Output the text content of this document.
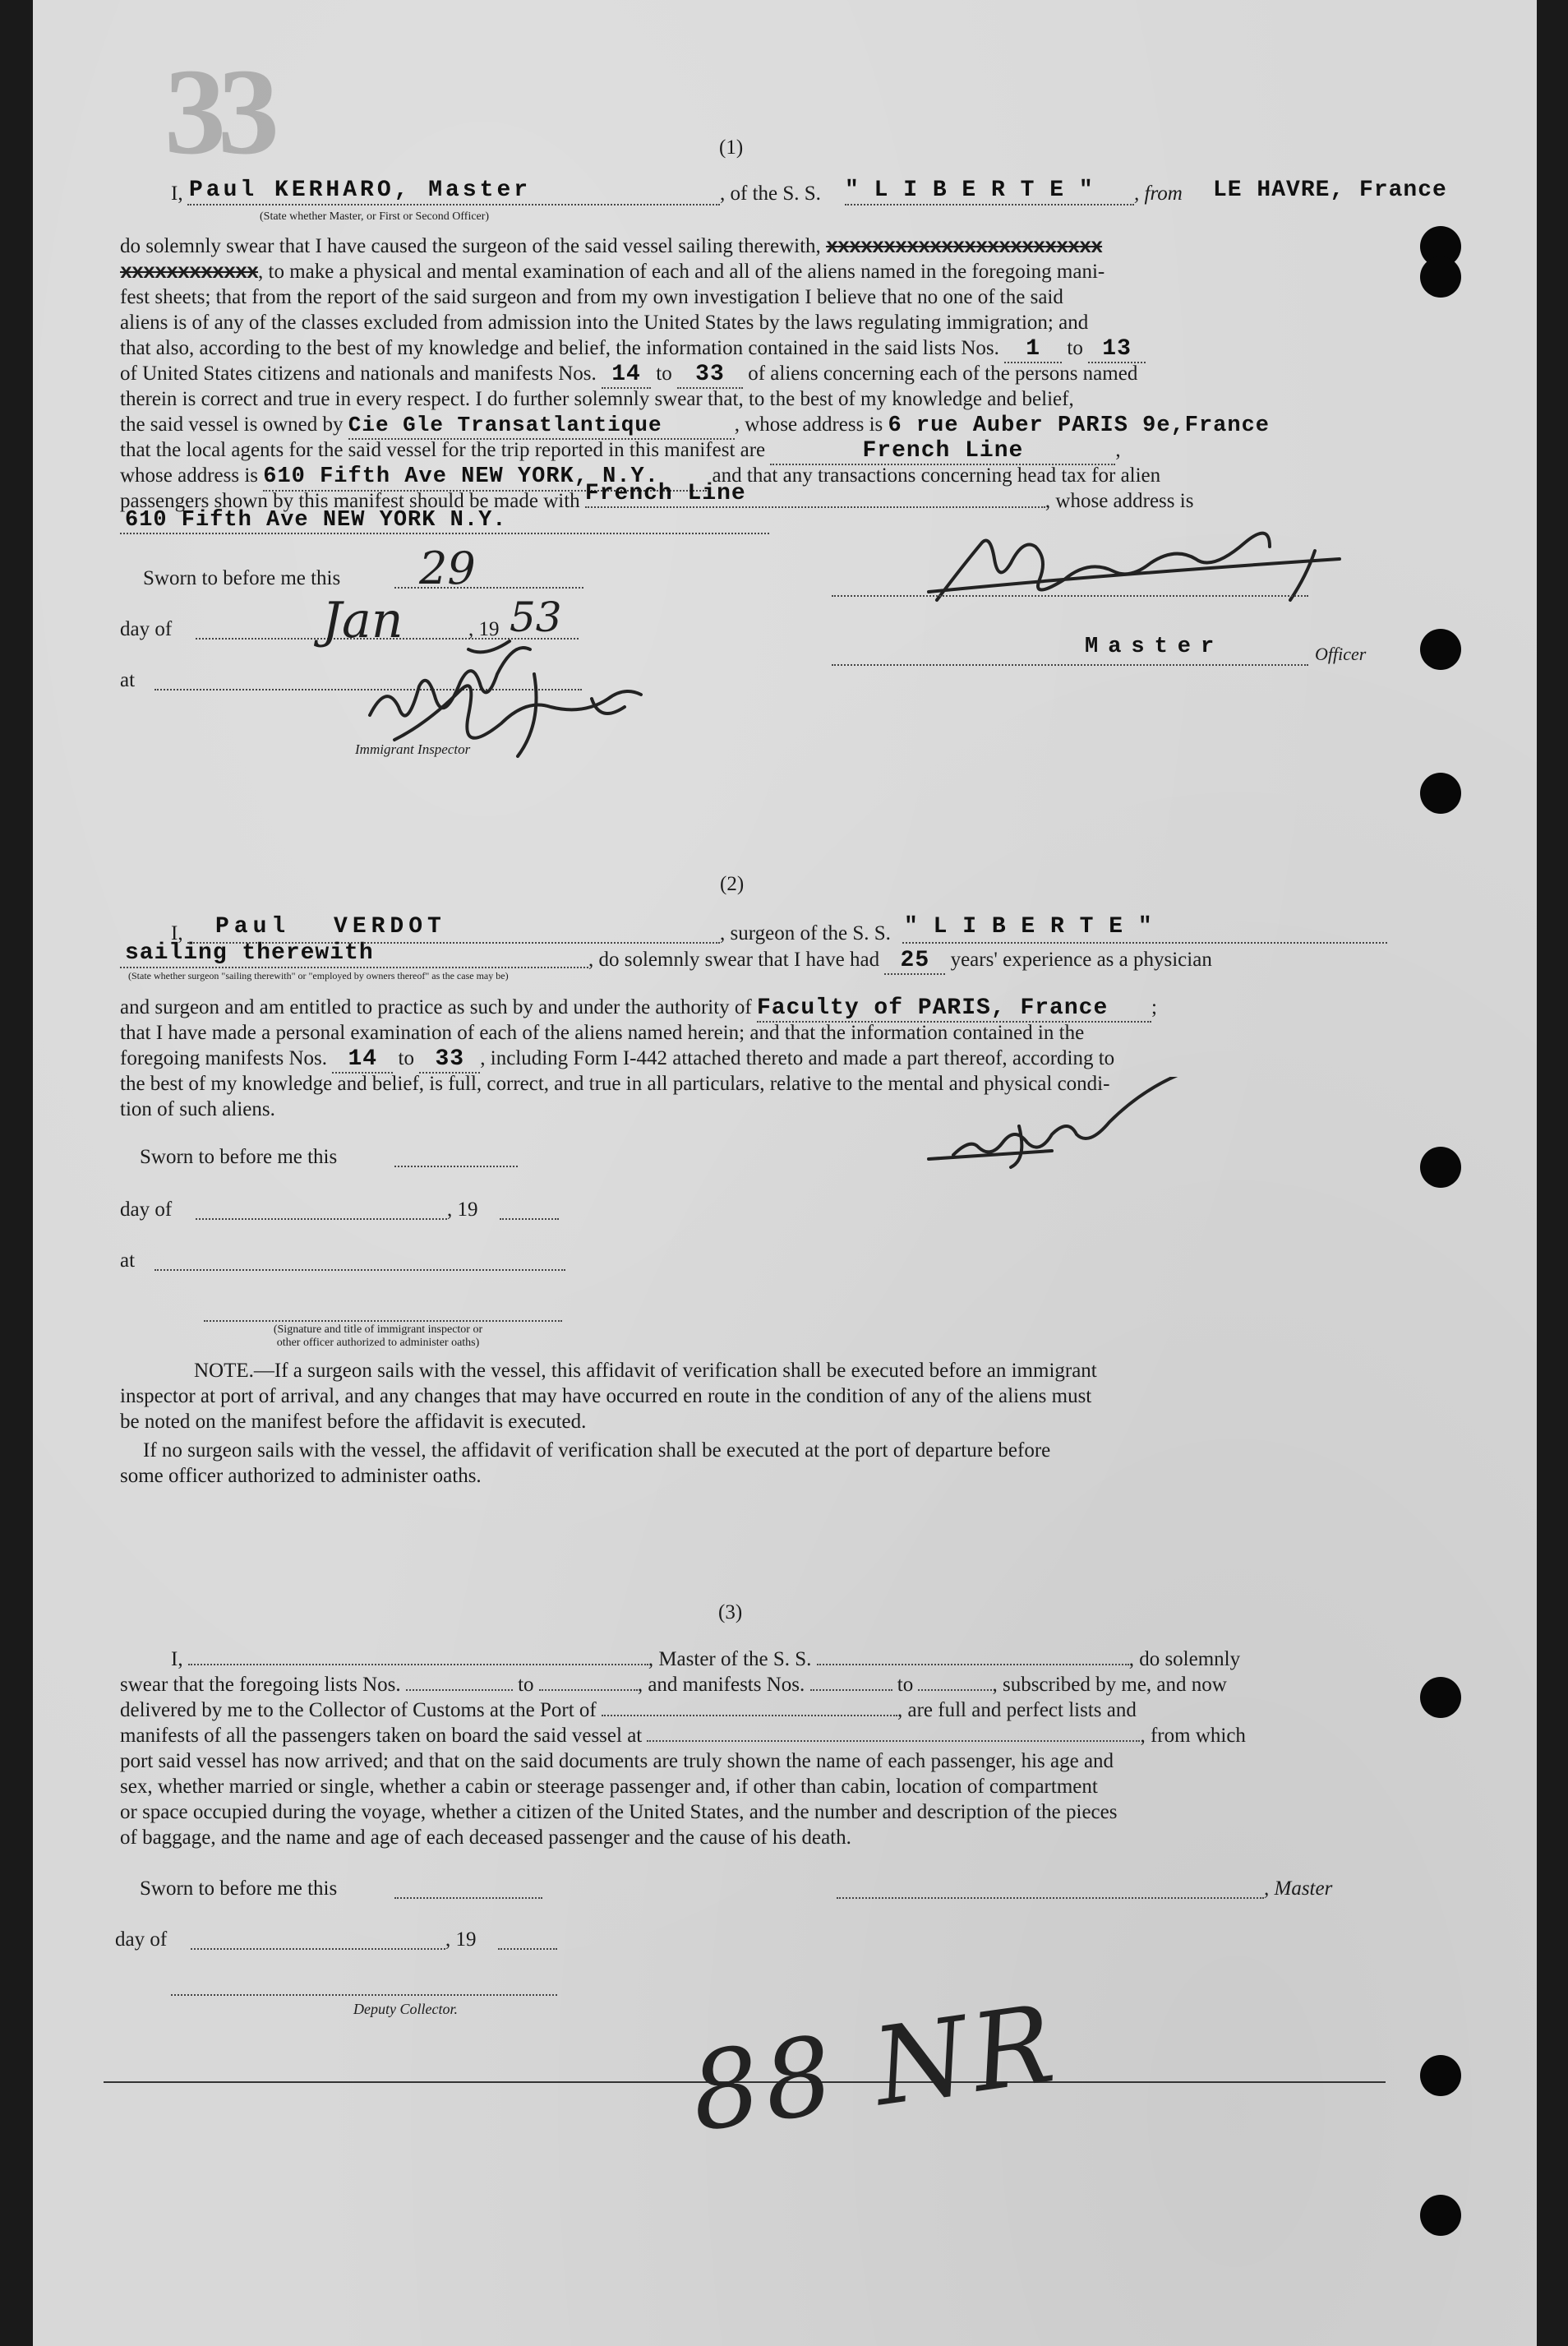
33	(1)
I, Paul KERHARO, Master
(State whether Master, or First or Second Officer)
, of the S. S. " L I B E R T E " , from LE HAVRE, France
do solemnly swear that I have caused the surgeon of the said vessel sailing therewith, xxxxxxxxxxxxxxxxxxxxxxxx
xxxxxxxxxxxx, to make a physical and mental examination of each and all of the aliens named in the foregoing mani-
fest sheets; that from the report of the said surgeon and from my own investigation I believe that no one of the said
aliens is of any of the classes excluded from admission into the United States by the laws regulating immigration; and
that also, according to the best of my knowledge and belief, the information contained in the said lists Nos. 1 to 13
of United States citizens and nationals and manifests Nos. 14 to 33 of aliens concerning each of the persons named
therein is correct and true in every respect. I do further solemnly swear that, to the best of my knowledge and belief,
the said vessel is owned by Cie Gle Transatlantique	, whose address is 6 rue Auber PARIS 9e,France
that the local agents for the said vessel for the trip reported in this manifest are	French Line	,
whose address is 610 Fifth Ave NEW YORK, N.Y.	and that any transactions concerning head tax for alien
passengers shown by this manifest should be made with French Line	, whose address is
610 Fifth Ave NEW YORK N.Y.
Sworn to before me this 29
day of	Jan	, 19 53
at
Immigrant Inspector
Master	Officer
(2)
I, Paul VERDOT	, surgeon of the S. S. " L I B E R T E "
sailing therewith
(State whether surgeon "sailing therewith" or "employed by owners thereof" as the case may be)
, do solemnly swear that I have had 25 years' experience as a physician
and surgeon and am entitled to practice as such by and under the authority of Faculty of PARIS, France ;
that I have made a personal examination of each of the aliens named herein; and that the information contained in the
foregoing manifests Nos. 14 to 33 , including Form I-442 attached thereto and made a part thereof, according to
the best of my knowledge and belief, is full, correct, and true in all particulars, relative to the mental and physical condi-
tion of such aliens.
Sworn to before me this
day of	, 19
at
(Signature and title of immigrant inspector or
other officer authorized to administer oaths)
NOTE.—If a surgeon sails with the vessel, this affidavit of verification shall be executed before an immigrant
inspector at port of arrival, and any changes that may have occurred en route in the condition of any of the aliens must
be noted on the manifest before the affidavit is executed.
If no surgeon sails with the vessel, the affidavit of verification shall be executed at the port of departure before
some officer authorized to administer oaths.
(3)
I,	, Master of the S. S.	, do solemnly
swear that the foregoing lists Nos.	to	, and manifests Nos.	to	, subscribed by me, and now
delivered by me to the Collector of Customs at the Port of	, are full and perfect lists and
manifests of all the passengers taken on board the said vessel at	, from which
port said vessel has now arrived; and that on the said documents are truly shown the name of each passenger, his age and
sex, whether married or single, whether a cabin or steerage passenger and, if other than cabin, location of compartment
or space occupied during the voyage, whether a citizen of the United States, and the number and description of the pieces
of baggage, and the name and age of each deceased passenger and the cause of his death.
Sworn to before me this	, Master
day of	, 19
Deputy Collector. 88 NR
